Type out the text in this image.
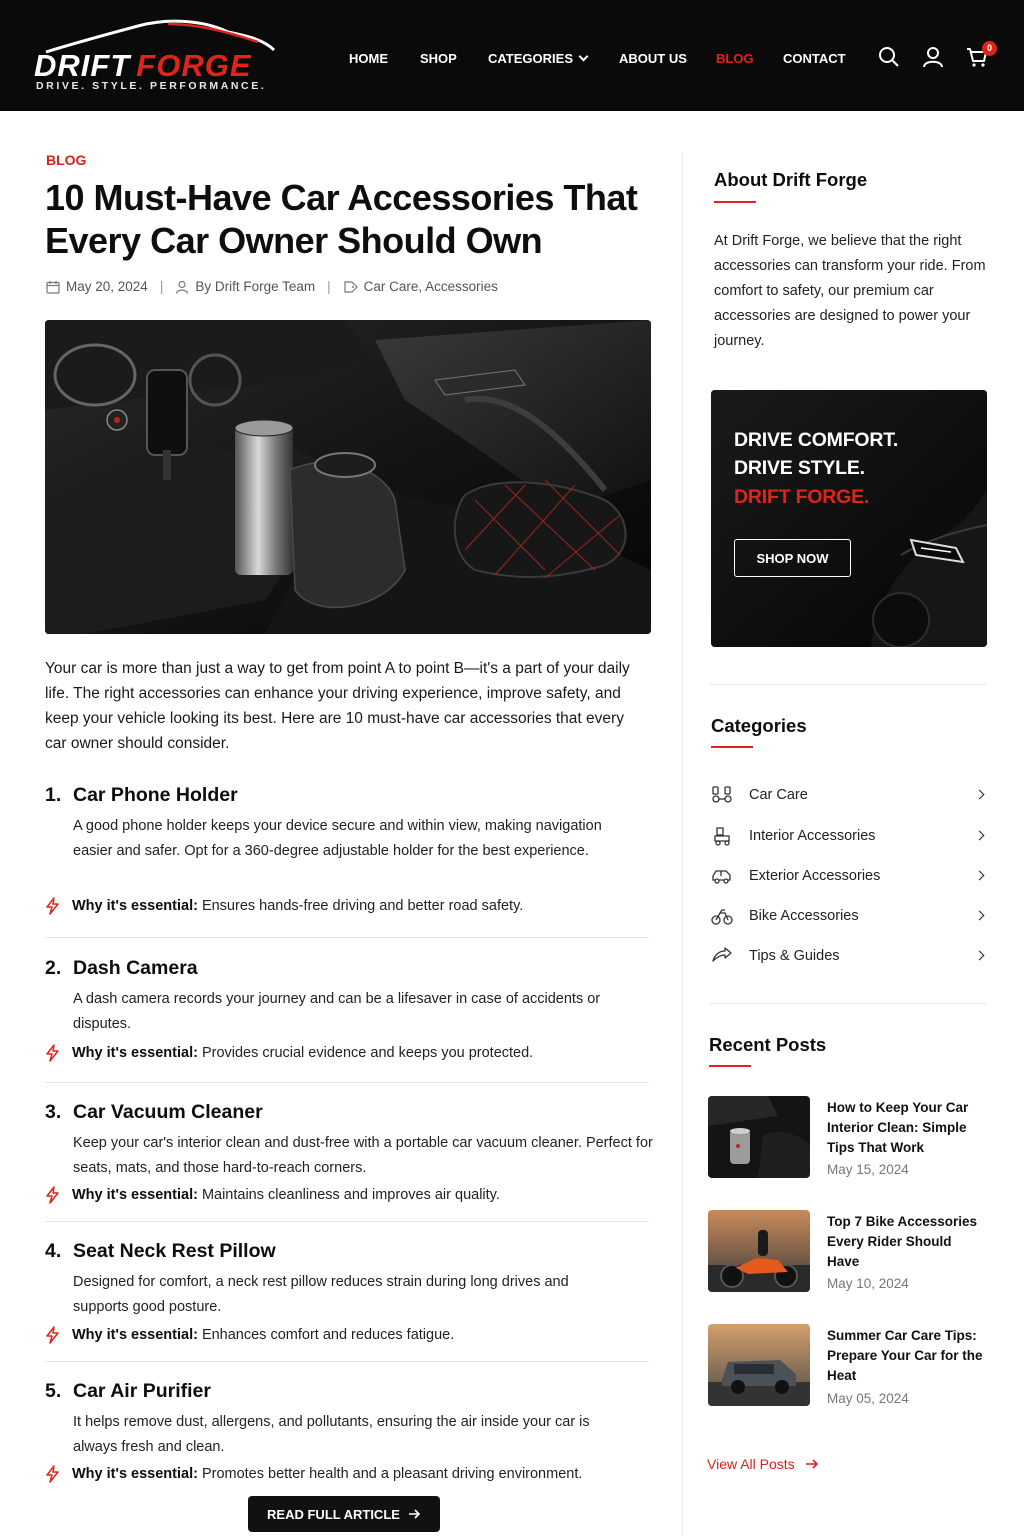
DRIFT FORGE
DRIVE. STYLE. PERFORMANCE.
HOME SHOP CATEGORIES	ABOUT US BLOG CONTACT
0
BLOG
10 Must-Have Car Accessories That Every Car Owner Should Own
May 20, 2024 | By Drift Forge Team | Car Care, Accessories

Your car is more than just a way to get from point A to point B—it's a part of your daily life. The right accessories can enhance your driving experience, improve safety, and keep your vehicle looking its best. Here are 10 must-have car accessories that every car owner should consider.

1. Car Phone Holder

A good phone holder keeps your device secure and within view, making navigation easier and safer. Opt for a 360-degree adjustable holder for the best experience.

Why it's essential: Ensures hands-free driving and better road safety.
2. Dash Camera

A dash camera records your journey and can be a lifesaver in case of accidents or disputes.

Why it's essential: Provides crucial evidence and keeps you protected.
3. Car Vacuum Cleaner

Keep your car's interior clean and dust-free with a portable car vacuum cleaner. Perfect for seats, mats, and those hard-to-reach corners.

Why it's essential: Maintains cleanliness and improves air quality.
4. Seat Neck Rest Pillow

Designed for comfort, a neck rest pillow reduces strain during long drives and supports good posture.

Why it's essential: Enhances comfort and reduces fatigue.
5. Car Air Purifier

It helps remove dust, allergens, and pollutants, ensuring the air inside your car is always fresh and clean.

Why it's essential: Promotes better health and a pleasant driving environment.
READ FULL ARTICLE
About Drift Forge

At Drift Forge, we believe that the right accessories can transform your ride. From comfort to safety, our premium car accessories are designed to power your journey.

DRIVE COMFORT.
DRIVE STYLE.
DRIFT FORGE.
SHOP NOW
Categories
Car Care
Interior Accessories
Exterior Accessories
Bike Accessories
Tips & Guides
Recent Posts
How to Keep Your Car Interior Clean: Simple Tips That Work
May 15, 2024
Top 7 Bike Accessories Every Rider Should Have
May 10, 2024
Summer Car Care Tips: Prepare Your Car for the Heat
May 05, 2024
View All Posts
